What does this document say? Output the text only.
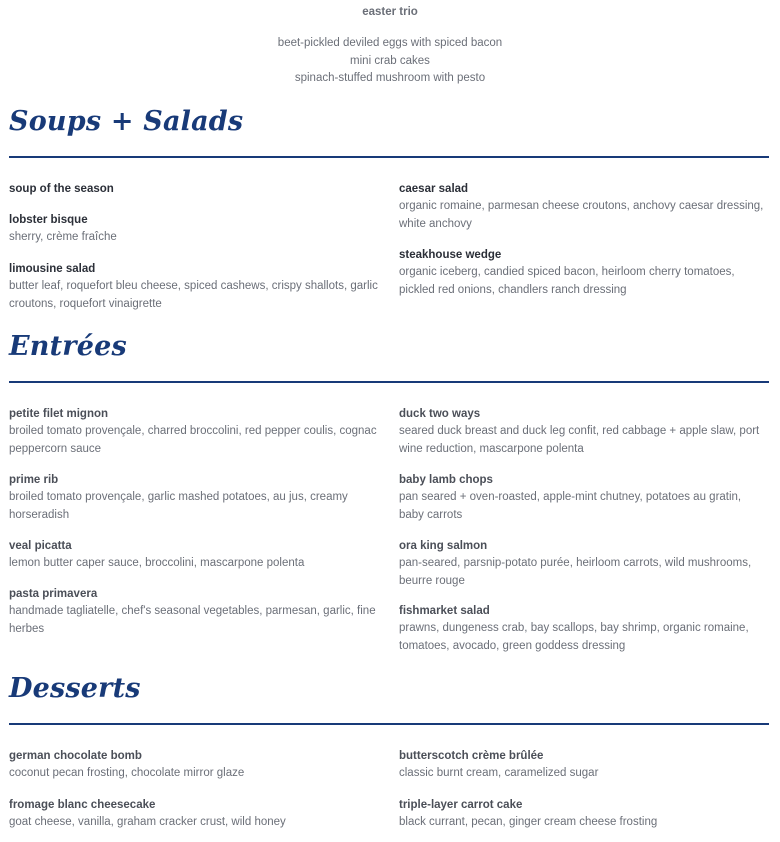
easter trio
beet-pickled deviled eggs with spiced bacon
mini crab cakes
spinach-stuffed mushroom with pesto
Soups + Salads
soup of the season
lobster bisque
sherry, crème fraîche
limousine salad
butter leaf, roquefort bleu cheese, spiced cashews, crispy shallots, garlic croutons, roquefort vinaigrette
caesar salad
organic romaine, parmesan cheese croutons, anchovy caesar dressing, white anchovy
steakhouse wedge
organic iceberg, candied spiced bacon, heirloom cherry tomatoes, pickled red onions, chandlers ranch dressing
Entrées
petite filet mignon
broiled tomato provençale, charred broccolini, red pepper coulis, cognac peppercorn sauce
prime rib
broiled tomato provençale, garlic mashed potatoes, au jus, creamy horseradish
veal picatta
lemon butter caper sauce, broccolini, mascarpone polenta
pasta primavera
handmade tagliatelle, chef's seasonal vegetables, parmesan, garlic, fine herbes
duck two ways
seared duck breast and duck leg confit, red cabbage + apple slaw, port wine reduction, mascarpone polenta
baby lamb chops
pan seared + oven-roasted, apple-mint chutney, potatoes au gratin, baby carrots
ora king salmon
pan-seared, parsnip-potato purée, heirloom carrots, wild mushrooms, beurre rouge
fishmarket salad
prawns, dungeness crab, bay scallops, bay shrimp, organic romaine, tomatoes, avocado, green goddess dressing
Desserts
german chocolate bomb
coconut pecan frosting, chocolate mirror glaze
fromage blanc cheesecake
goat cheese, vanilla, graham cracker crust, wild honey
butterscotch crème brûlée
classic burnt cream, caramelized sugar
triple-layer carrot cake
black currant, pecan, ginger cream cheese frosting
